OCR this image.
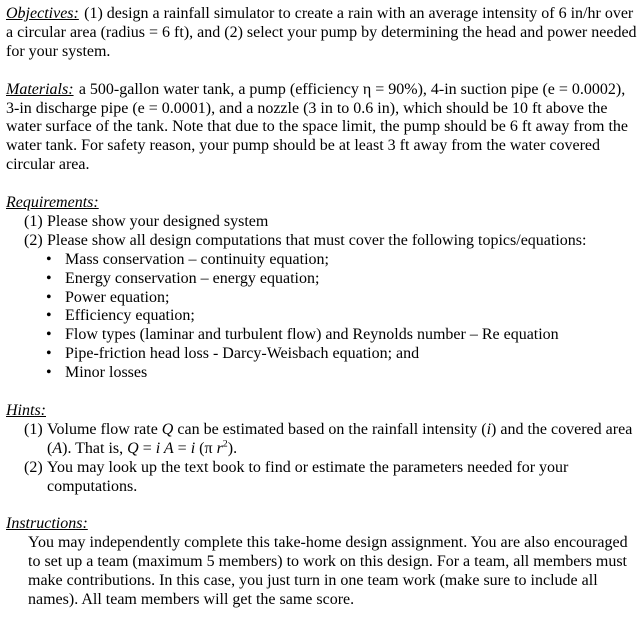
Objectives: (1) design a rainfall simulator to create a rain with an average intensity of 6 in/hr over a circular area (radius = 6 ft), and (2) select your pump by determining the head and power needed for your system.

Materials: a 500-gallon water tank, a pump (efficiency η = 90%), 4-in suction pipe (e = 0.0002), 3-in discharge pipe (e = 0.0001), and a nozzle (3 in to 0.6 in), which should be 10 ft above the water surface of the tank. Note that due to the space limit, the pump should be 6 ft away from the water tank. For safety reason, your pump should be at least 3 ft away from the water covered circular area.

Requirements:
(1) Please show your designed system
(2) Please show all design computations that must cover the following topics/equations:
• Mass conservation – continuity equation;
• Energy conservation – energy equation;
• Power equation;
• Efficiency equation;
• Flow types (laminar and turbulent flow) and Reynolds number – Re equation
• Pipe-friction head loss - Darcy-Weisbach equation; and
• Minor losses
Hints:
(1) Volume flow rate Q can be estimated based on the rainfall intensity (i) and the covered area (A). That is, Q = i A = i (π $r^2$).
(2) You may look up the text book to find or estimate the parameters needed for your computations.
Instructions:
You may independently complete this take-home design assignment. You are also encouraged to set up a team (maximum 5 members) to work on this design. For a team, all members must make contributions. In this case, you just turn in one team work (make sure to include all names). All team members will get the same score.
